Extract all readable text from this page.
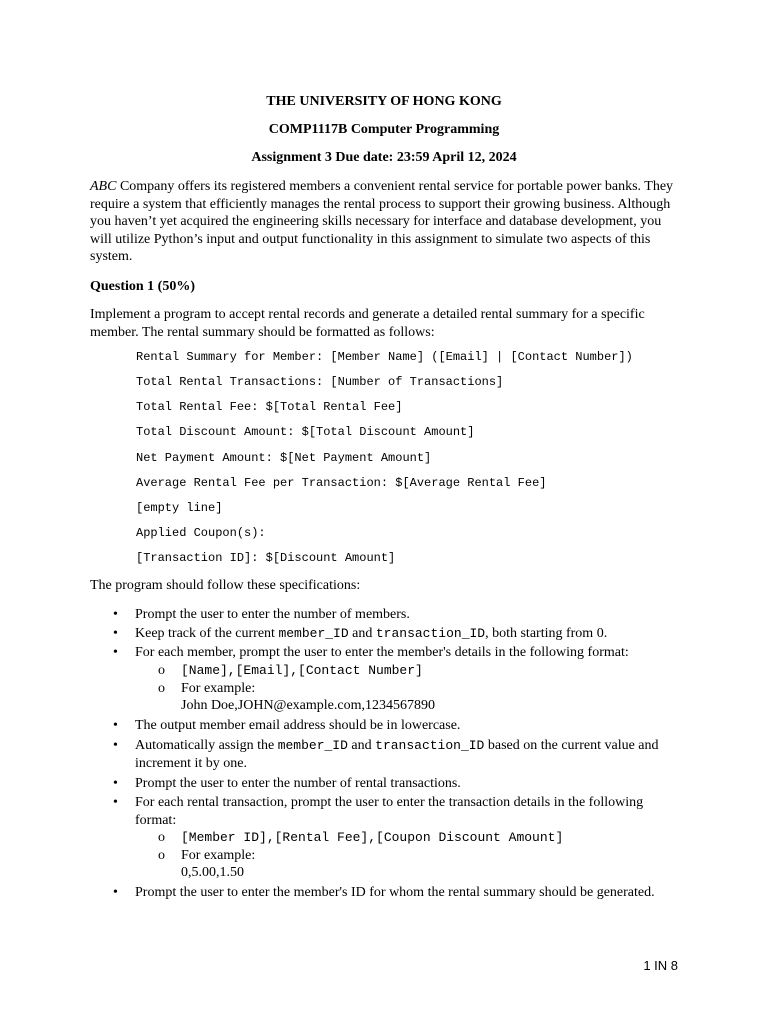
THE UNIVERSITY OF HONG KONG
COMP1117B Computer Programming
Assignment 3 Due date: 23:59 April 12, 2024
ABC Company offers its registered members a convenient rental service for portable power banks. They require a system that efficiently manages the rental process to support their growing business. Although you haven’t yet acquired the engineering skills necessary for interface and database development, you will utilize Python’s input and output functionality in this assignment to simulate two aspects of this system.
Question 1 (50%)
Implement a program to accept rental records and generate a detailed rental summary for a specific member. The rental summary should be formatted as follows:
Rental Summary for Member: [Member Name] ([Email] | [Contact Number])
Total Rental Transactions: [Number of Transactions]
Total Rental Fee: $[Total Rental Fee]
Total Discount Amount: $[Total Discount Amount]
Net Payment Amount: $[Net Payment Amount]
Average Rental Fee per Transaction: $[Average Rental Fee]
[empty line]
Applied Coupon(s):
[Transaction ID]: $[Discount Amount]
The program should follow these specifications:
• Prompt the user to enter the number of members.
• Keep track of the current member_ID and transaction_ID, both starting from 0.
• For each member, prompt the user to enter the member's details in the following format:
o [Name],[Email],[Contact Number]
o For example:
John Doe,JOHN@example.com,1234567890
• The output member email address should be in lowercase.
• Automatically assign the member_ID and transaction_ID based on the current value and increment it by one.
• Prompt the user to enter the number of rental transactions.
• For each rental transaction, prompt the user to enter the transaction details in the following format:
o [Member ID],[Rental Fee],[Coupon Discount Amount]
o For example:
0,5.00,1.50
• Prompt the user to enter the member's ID for whom the rental summary should be generated.
1 IN 8
